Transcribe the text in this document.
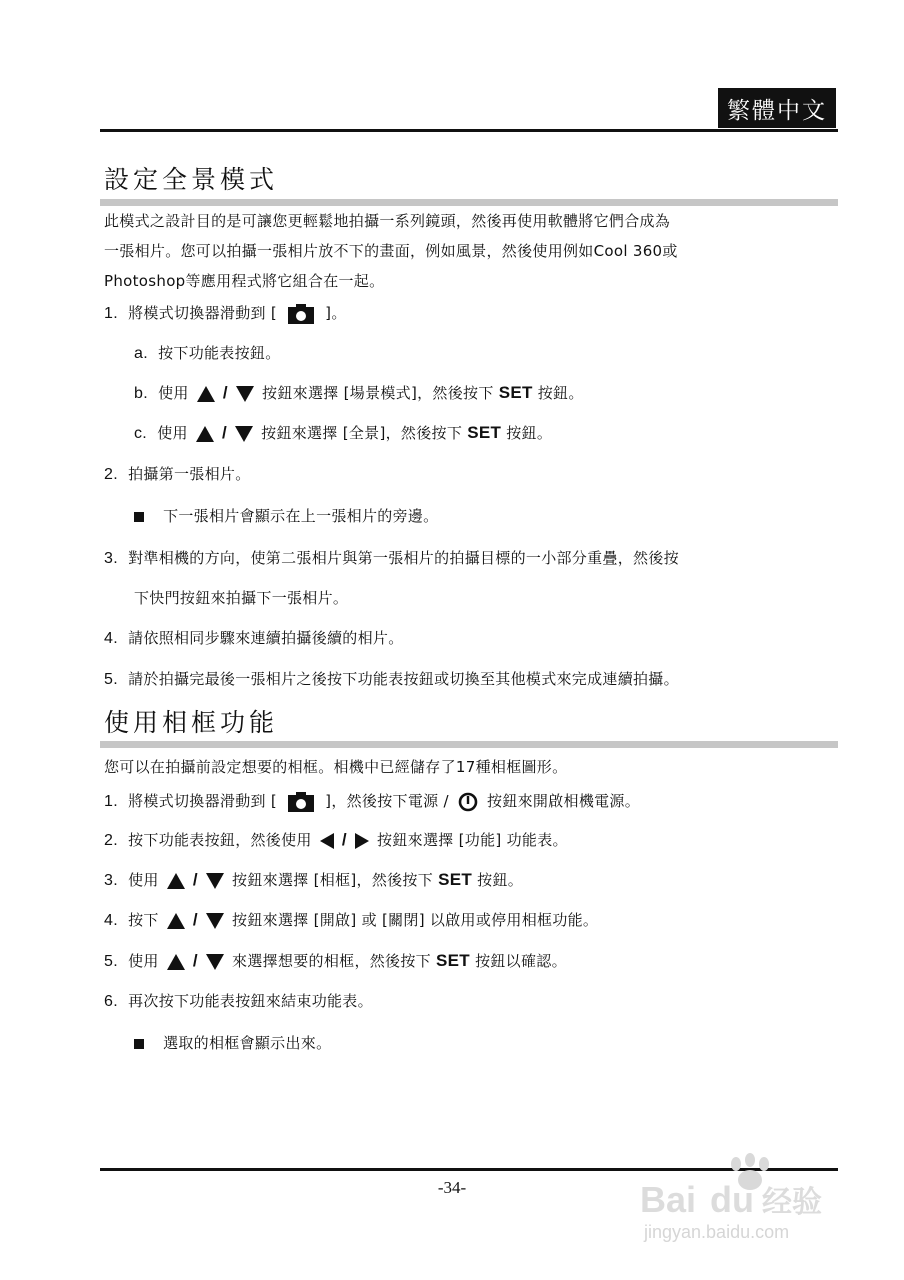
繁體中文
設定全景模式
此模式之設計目的是可讓您更輕鬆地拍攝一系列鏡頭，然後再使用軟體將它們合成為
一張相片。您可以拍攝一張相片放不下的畫面，例如風景，然後使用例如Cool 360或
Photoshop等應用程式將它組合在一起。
1. 將模式切換器滑動到 [	]。
a. 按下功能表按鈕。
b. 使用 / 按鈕來選擇 [場景模式]，然後按下 SET 按鈕。
c. 使用 / 按鈕來選擇 [全景]，然後按下 SET 按鈕。
2. 拍攝第一張相片。
下一張相片會顯示在上一張相片的旁邊。
3. 對準相機的方向，使第二張相片與第一張相片的拍攝目標的一小部分重疊，然後按
下快門按鈕來拍攝下一張相片。
4. 請依照相同步驟來連續拍攝後續的相片。
5. 請於拍攝完最後一張相片之後按下功能表按鈕或切換至其他模式來完成連續拍攝。
使用相框功能
您可以在拍攝前設定想要的相框。相機中已經儲存了17種相框圖形。
1. 將模式切換器滑動到 [	]，然後按下電源 /	按鈕來開啟相機電源。
2. 按下功能表按鈕，然後使用 / 按鈕來選擇 [功能] 功能表。
3. 使用 / 按鈕來選擇 [相框]，然後按下 SET 按鈕。
4. 按下 / 按鈕來選擇 [開啟] 或 [關閉] 以啟用或停用相框功能。
5. 使用 / 來選擇想要的相框，然後按下 SET 按鈕以確認。
6. 再次按下功能表按鈕來結束功能表。
選取的相框會顯示出來。
-34-	Bai du 经验
jingyan.baidu.com
